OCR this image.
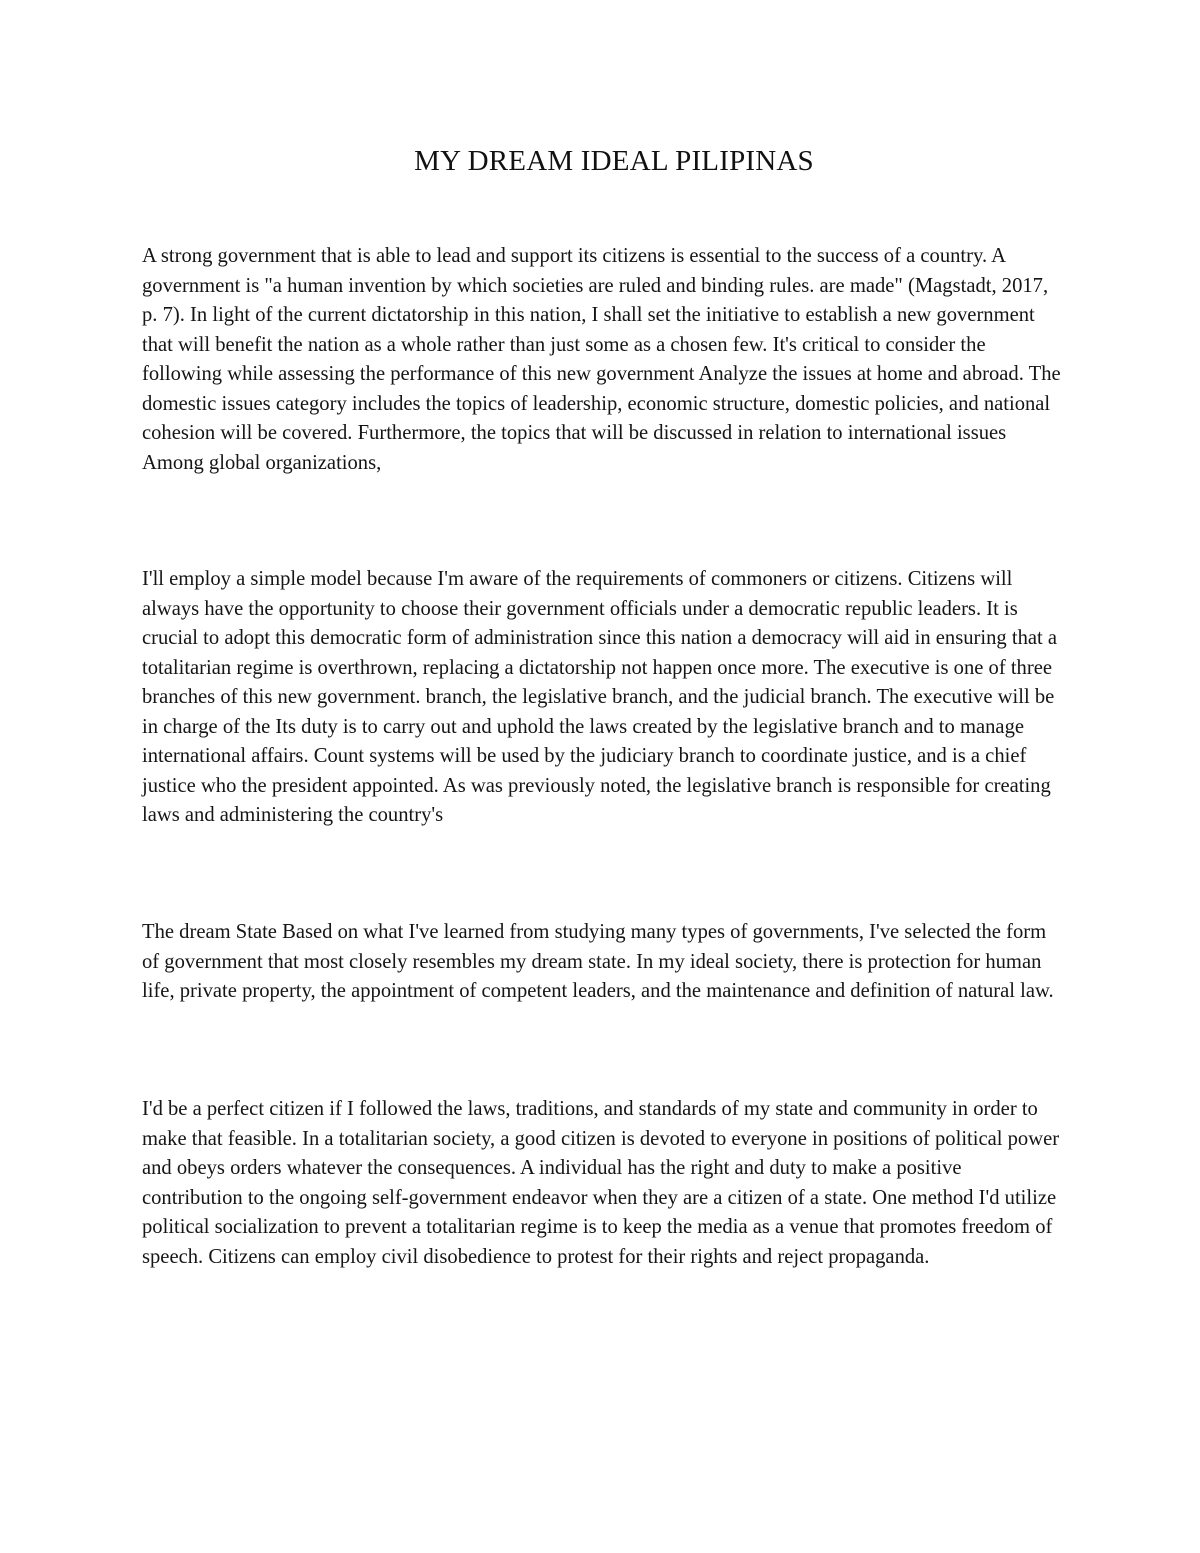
MY DREAM IDEAL PILIPINAS

A strong government that is able to lead and support its citizens is essential to the success of a country. A government is "a human invention by which societies are ruled and binding rules. are made" (Magstadt, 2017, p. 7). In light of the current dictatorship in this nation, I shall set the initiative to establish a new government that will benefit the nation as a whole rather than just some as a chosen few. It's critical to consider the following while assessing the performance of this new government Analyze the issues at home and abroad. The domestic issues category includes the topics of leadership, economic structure, domestic policies, and national cohesion will be covered. Furthermore, the topics that will be discussed in relation to international issues Among global organizations,

I'll employ a simple model because I'm aware of the requirements of commoners or citizens. Citizens will always have the opportunity to choose their government officials under a democratic republic leaders. It is crucial to adopt this democratic form of administration since this nation a democracy will aid in ensuring that a totalitarian regime is overthrown, replacing a dictatorship not happen once more. The executive is one of three branches of this new government. branch, the legislative branch, and the judicial branch. The executive will be in charge of the Its duty is to carry out and uphold the laws created by the legislative branch and to manage international affairs. Count systems will be used by the judiciary branch to coordinate justice, and is a chief justice who the president appointed. As was previously noted, the legislative branch is responsible for creating laws and administering the country's

The dream State Based on what I've learned from studying many types of governments, I've selected the form of government that most closely resembles my dream state. In my ideal society, there is protection for human life, private property, the appointment of competent leaders, and the maintenance and definition of natural law.

I'd be a perfect citizen if I followed the laws, traditions, and standards of my state and community in order to make that feasible. In a totalitarian society, a good citizen is devoted to everyone in positions of political power and obeys orders whatever the consequences. A individual has the right and duty to make a positive contribution to the ongoing self-government endeavor when they are a citizen of a state. One method I'd utilize political socialization to prevent a totalitarian regime is to keep the media as a venue that promotes freedom of speech. Citizens can employ civil disobedience to protest for their rights and reject propaganda.
